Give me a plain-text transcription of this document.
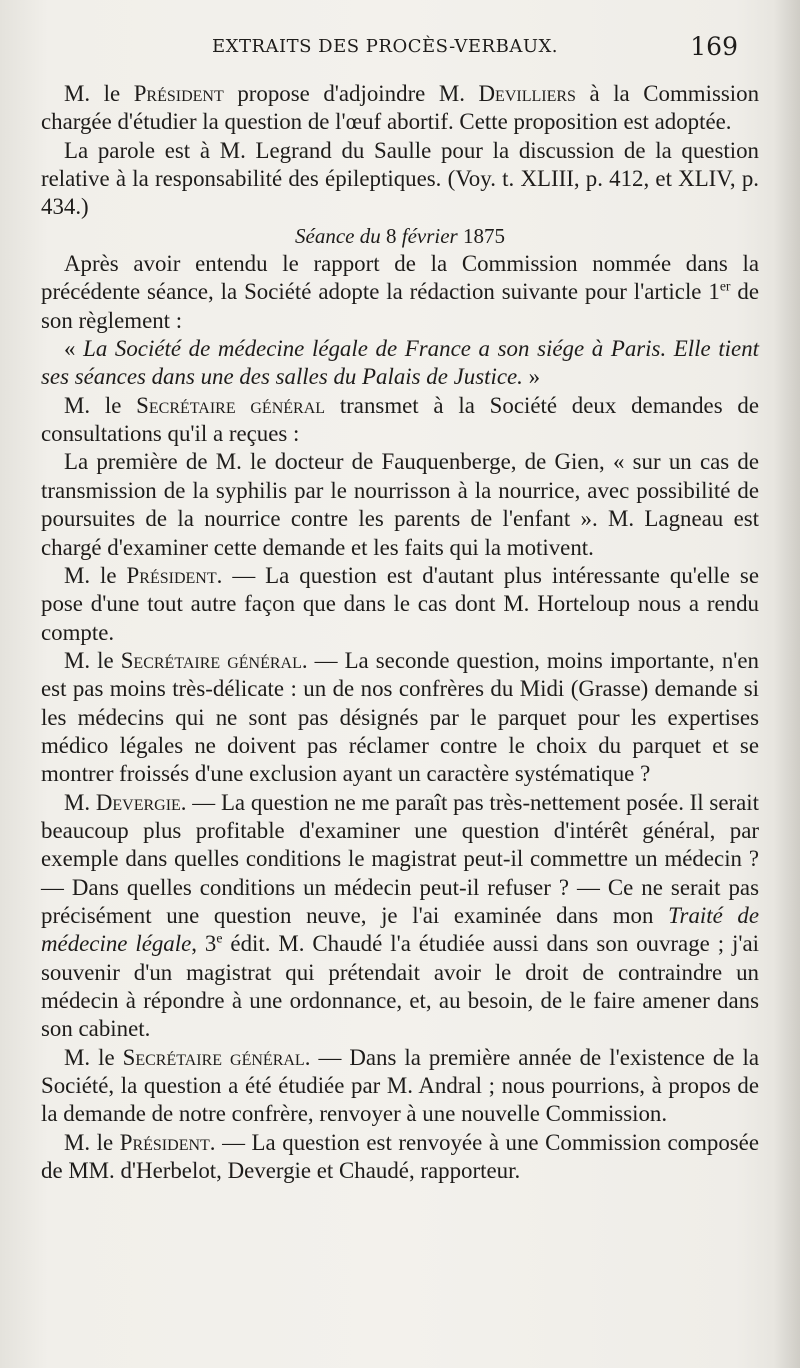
EXTRAITS DES PROCÈS-VERBAUX.	169

M. le Président propose d'adjoindre M. Devilliers à la Commission chargée d'étudier la question de l'œuf abortif. Cette proposition est adoptée.

La parole est à M. Legrand du Saulle pour la discussion de la question relative à la responsabilité des épileptiques. (Voy. t. XLIII, p. 412, et XLIV, p. 434.)

Séance du 8 février 1875

Après avoir entendu le rapport de la Commission nommée dans la précédente séance, la Société adopte la rédaction suivante pour l'article 1er de son règlement :

« La Société de médecine légale de France a son siége à Paris. Elle tient ses séances dans une des salles du Palais de Justice. »

M. le Secrétaire général transmet à la Société deux demandes de consultations qu'il a reçues :

La première de M. le docteur de Fauquenberge, de Gien, « sur un cas de transmission de la syphilis par le nourrisson à la nourrice, avec possibilité de poursuites de la nourrice contre les parents de l'enfant ». M. Lagneau est chargé d'examiner cette demande et les faits qui la motivent.

M. le Président. — La question est d'autant plus intéressante qu'elle se pose d'une tout autre façon que dans le cas dont M. Horteloup nous a rendu compte.

M. le Secrétaire général. — La seconde question, moins importante, n'en est pas moins très-délicate : un de nos confrères du Midi (Grasse) demande si les médecins qui ne sont pas désignés par le parquet pour les expertises médico légales ne doivent pas réclamer contre le choix du parquet et se montrer froissés d'une exclusion ayant un caractère systématique ?

M. Devergie. — La question ne me paraît pas très-nettement posée. Il serait beaucoup plus profitable d'examiner une question d'intérêt général, par exemple dans quelles conditions le magistrat peut-il commettre un médecin ? — Dans quelles conditions un médecin peut-il refuser ? — Ce ne serait pas précisément une question neuve, je l'ai examinée dans mon Traité de médecine légale, 3e édit. M. Chaudé l'a étudiée aussi dans son ouvrage ; j'ai souvenir d'un magistrat qui prétendait avoir le droit de contraindre un médecin à répondre à une ordonnance, et, au besoin, de le faire amener dans son cabinet.

M. le Secrétaire général. — Dans la première année de l'existence de la Société, la question a été étudiée par M. Andral ; nous pourrions, à propos de la demande de notre confrère, renvoyer à une nouvelle Commission.

M. le Président. — La question est renvoyée à une Commission composée de MM. d'Herbelot, Devergie et Chaudé, rapporteur.
